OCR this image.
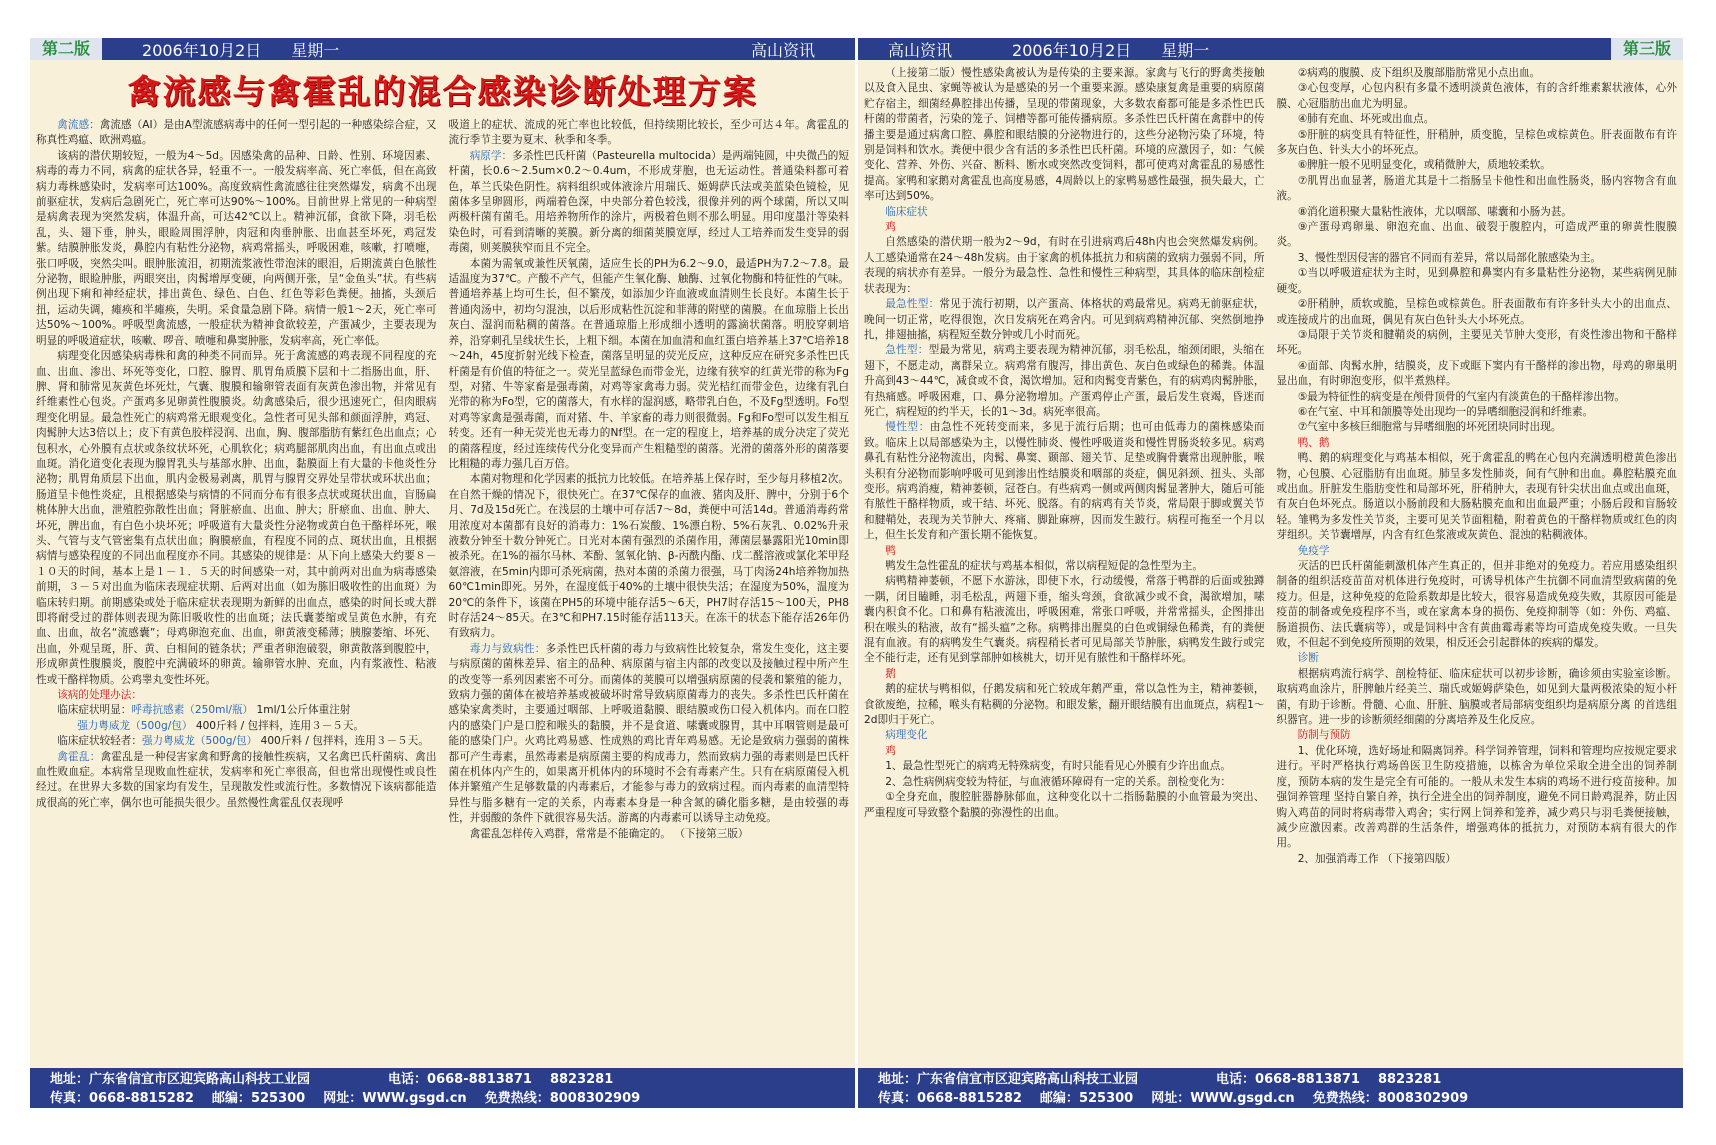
第二版	2006年10月2日 星期一	高山资讯
禽流感与禽霍乱的混合感染诊断处理方案

禽流感：禽流感（AI）是由A型流感病毒中的任何一型引起的一种感染综合症，又称真性鸡瘟、欧洲鸡瘟。

该病的潜伏期较短，一般为4～5d。因感染禽的品种、日龄、性别、环境因素、病毒的毒力不同，病禽的症状各异，轻重不一。一般发病率高、死亡率低，但在高致病力毒株感染时，发病率可达100%。高度致病性禽流感往往突然爆发，病禽不出现前驱症状，发病后急剧死亡，死亡率可达90%～100%。目前世界上常见的一种病型是病禽表现为突然发病，体温升高，可达42℃以上。精神沉郁，食欲下降，羽毛松乱，头、翅下垂，肿头，眼睑周围浮肿，肉冠和肉垂肿胀、出血甚至坏死，鸡冠发紫。结膜肿胀发炎，鼻腔内有粘性分泌物，病鸡常摇头，呼吸困难，咳嗽，打喷嚏，张口呼吸，突然尖叫。眼肿胀流泪，初期流浆液性带泡沫的眼泪，后期流黄白色脓性分泌物，眼睑肿胀，两眼突出，肉髯增厚变硬，向两侧开张，呈“金鱼头”状。有些病例出现下痢和神经症状，排出黄色、绿色、白色、红色等彩色粪便。抽搐，头颈后扭，运动失调，瘫痪和半瘫痪，失明。采食量急剧下降。病情一般1～2天，死亡率可达50%～100%。呼吸型禽流感，一般症状为精神食欲较差，产蛋减少，主要表现为明显的呼吸道症状，咳嗽、啰音、喷嚏和鼻窦肿胀，发病率高，死亡率低。

病理变化因感染病毒株和禽的种类不同而异。死于禽流感的鸡表现不同程度的充血、出血、渗出、坏死等变化，口腔、腺胃、肌胃角质膜下层和十二指肠出血，肝、脾、肾和肺常见灰黄色坏死灶，气囊、腹膜和输卵管表面有灰黄色渗出物，并常见有纤维素性心包炎。产蛋鸡多见卵黄性腹膜炎。幼禽感染后，很少迅速死亡，但肉眼病理变化明显。最急性死亡的病鸡常无眼观变化。急性者可见头部和颜面浮肿，鸡冠、肉髯肿大达3倍以上；皮下有黄色胶样浸润、出血，胸、腹部脂肪有紫红色出血点；心包积水，心外膜有点状或条纹状坏死，心肌软化；病鸡腿部肌肉出血，有出血点或出血斑。消化道变化表现为腺胃乳头与基部水肿、出血，黏膜面上有大量的卡他炎性分泌物；肌胃角质层下出血，肌内金极易剥离，肌胃与腺胃交界处呈带状或环状出血；肠道呈卡他性炎症，且根据感染与病情的不同而分布有很多点状或斑状出血，盲肠扁桃体肿大出血，泄殖腔弥散性出血；肾脏瘀血、出血、肿大；肝瘀血、出血、肿大、坏死，脾出血，有白色小块坏死；呼吸道有大量炎性分泌物或黄白色干酪样坏死，喉头、气管与支气管密集有点状出血；胸膜瘀血，有程度不同的点、斑状出血，且根据病情与感染程度的不同出血程度亦不同。其感染的规律是：从下向上感染大约要８－１０天的时间，基本上是１－１．５天的时间感染一对，其中前两对出血为病毒感染前期，３－５对出血为临床表现症状期、后两对出血（如为胨旧吸收性的出血斑）为临床转归期。前期感染或处于临床症状表现期为新鲜的出血点，感染的时间长或大群即将耐受过的群体则表现为陈旧吸收性的出血斑；法氏囊萎缩或呈黄色水肿，有充血、出血，故名“流感囊”；母鸡卵泡充血、出血，卵黄液变稀薄；胰腺萎缩、坏死、出血，外观呈斑，肝、黄、白相间的链条状；严重者卵泡破裂，卵黄散落到腹腔中，形成卵黄性腹膜炎，腹腔中充满破坏的卵黄。输卵管水肿、充血，内有浆液性、粘液性或干酪样物质。公鸡睾丸变性坏死。

该病的处理办法：

临床症状明显：呼毒抗感素（250ml/瓶） 1ml/1公斤体重注射

强力粤威龙（500g/包） 400斤料 / 包拌料，连用３－５天。

临床症状较轻者：强力粤威龙（500g/包） 400斤料 / 包拌料，连用３－５天。

禽霍乱：禽霍乱是一种侵害家禽和野禽的接触性疾病，又名禽巴氏杆菌病、禽出血性败血症。本病常呈现败血性症状，发病率和死亡率很高，但也常出现慢性或良性经过。在世界大多数的国家均有发生，呈现散发性或流行性。多数情况下该病都能造成很高的死亡率，偶尔也可能损失很少。虽然慢性禽霍乱仅表现呼

吸道上的症状、流成的死亡率也比较低，但持续期比较长，至少可达４年。禽霍乱的流行季节主要为夏末、秋季和冬季。

病原学：多杀性巴氏杆菌（Pasteurella multocida）是两端钝圆，中央微凸的短杆菌，长0.6～2.5um×0.2～0.4um，不形成芽胞，也无运动性。普通染料都可着色，革兰氏染色阴性。病料组织或体液涂片用瑞氏、姬姆萨氏法或美蓝染色镜检，见菌体多呈卵圆形，两端着色深，中央部分着色较浅，很像并列的两个球菌，所以又叫两极杆菌有菌毛。用培养物所作的涂片，两极着色则不那么明显。用印度墨汁等染料染色时，可看到清晰的荚膜。新分离的细菌荚膜宽厚，经过人工培养而发生变异的弱毒菌，则荚膜狭窄而且不完全。

本菌为需氧或兼性厌氧菌，适应生长的PH为6.2～9.0，最适PH为7.2～7.8。最适温度为37℃。产酸不产气，但能产生氧化酶、触酶、过氧化物酶和特征性的气味。普通培养基上均可生长，但不繁茂，如添加少许血液或血清则生长良好。本菌生长于普通肉汤中，初均匀混浊，以后形成粘性沉淀和菲薄的附壁的菌膜。在血琼脂上长出灰白、湿润而粘稠的菌落。在普通琼脂上形成细小透明的露滴状菌落。明胶穿刺培养，沿穿刺孔呈线状生长，上粗下细。本菌在加血清和血红蛋白培养基上37℃培养18～24h，45度折射光线下检查，菌落呈明显的荧光反应，这种反应在研究多杀性巴氏杆菌是有价值的特征之一。荧光呈蓝绿色而带金光，边缘有狭窄的红黄光带的称为Fg型，对猪、牛等家畜是强毒菌，对鸡等家禽毒力弱。荧光桔红而带金色，边缘有乳白光带的称为Fo型，它的菌落大，有水样的湿润感，略带乳白色，不及Fg型透明。Fo型对鸡等家禽是强毒菌，而对猪、牛、羊家畜的毒力则很微弱。Fg和Fo型可以发生相互转变。还有一种无荧光也无毒力的Nf型。在一定的程度上，培养基的成分决定了荧光的菌落程度，经过连续传代分化变异而产生粗糙型的菌落。光滑的菌落外形的菌落要比粗糙的毒力强几百万倍。

本菌对物理和化学因素的抵抗力比较低。在培养基上保存时，至少每月移植2次。在自然干燥的情况下，很快死亡。在37℃保存的血液、猪肉及肝、脾中，分别于6个月、7d及15d死亡。在浅层的土壤中可存活7～8d，粪便中可活14d。普通消毒药常用浓度对本菌都有良好的消毒力：1%石炭酸、1%漂白粉、5%石灰乳、0.02%升汞液数分钟至十数分钟死亡。日光对本菌有强烈的杀菌作用，薄菌层暴露阳光10min即被杀死。在1%的福尔马林、苯酚、氢氧化钠、β-丙酰内酯、戊二醛溶液或氯化苯甲羟氨溶液，在5min内即可杀死病菌，热对本菌的杀菌力很强，马丁肉汤24h培养物加热60℃1min即死。另外，在湿度低于40%的土壤中很快失活；在湿度为50%，温度为20℃的条件下，该菌在PH5的环境中能存活5～6天，PH7时存活15～100天，PH8时存活24～85天。在3℃和PH7.15时能存活113天。在冻干的状态下能存活26年仍有致病力。

毒力与致病性：多杀性巴氏杆菌的毒力与致病性比较复杂，常发生变化，这主要与病原菌的菌株差异、宿主的品种、病原菌与宿主内部的改变以及接触过程中所产生的改变等一系列因素密不可分。而菌体的荚膜可以增强病原菌的侵袭和繁殖的能力，致病力强的菌体在被培养基或被破坏时常导致病原菌毒力的丧失。多杀性巴氏杆菌在感染家禽类时，主要通过咽部、上呼吸道黏膜、眼结膜或伤口侵入机体内。而在口腔内的感染门户是口腔和喉头的黏膜，并不是食道、嗉囊或腺胃，其中耳咽管则是最可能的感染门户。火鸡比鸡易感、性成熟的鸡比青年鸡易感。无论是致病力强弱的菌株都可产生毒素，虽然毒素是病原菌主要的构成毒力，然而致病力强的毒素则是巴氏杆菌在机体内产生的，如果离开机体内的环境时不会有毒素产生。只有在病原菌侵入机体并繁殖产生足够数量的内毒素后，才能参与毒力的致病过程。而内毒素的血清型特异性与脂多糖有一定的关系，内毒素本身是一种含氮的磷化脂多糖，是由较强的毒性，并弱酸的条件下就很容易失活。游离的内毒素可以诱导主动免疫。

禽霍乱怎样传入鸡群，常常是不能确定的。 （下接第三版）

地址：广东省信宜市区迎宾路高山科技工业园	电话：0668-8813871 8823281
传真：0668-8815282 邮编：525300 网址：WWW.gsgd.cn 免费热线：8008302909
高山资讯	2006年10月2日 星期一	第三版

（上接第二版）慢性感染禽被认为是传染的主要来源。家禽与飞行的野禽类接触以及食入昆虫、家蝇等被认为是感染的另一个重要来源。感染康复禽是重要的病原菌贮存宿主，细菌经鼻腔排出传播，呈现的带菌现象，大多数农畜都可能是多杀性巴氏杆菌的带菌者，污染的笼子、饲槽等都可能传播病原。多杀性巴氏杆菌在禽群中的传播主要是通过病禽口腔、鼻腔和眼结膜的分泌物进行的，这些分泌物污染了环境，特别是饲料和饮水。粪便中很少含有活的多杀性巴氏杆菌。环境的应激因子，如：气候变化、营养、外伤、兴奋、断料、断水或突然改变饲料，都可使鸡对禽霍乱的易感性提高。家鸭和家鹅对禽霍乱也高度易感，4周龄以上的家鸭易感性最强，损失最大，亡率可达到50%。

临床症状

鸡

自然感染的潜伏期一般为2～9d，有时在引进病鸡后48h内也会突然爆发病例。人工感染通常在24～48h发病。由于家禽的机体抵抗力和病菌的致病力强弱不同，所表现的病状亦有差异。一般分为最急性、急性和慢性三种病型，其具体的临床剖检症状表现为：

最急性型：常见于流行初期，以产蛋高、体格状的鸡最常见。病鸡无前驱症状，晚间一切正常，吃得很饱，次日发病死在鸡舍内。可见到病鸡精神沉郁、突然倒地挣扎，排翅抽搐，病程短至数分钟或几小时而死。

急性型：型最为常见，病鸡主要表现为精神沉郁，羽毛松乱，缩颈闭眼，头缩在翅下，不愿走动，离群呆立。病鸡常有腹泻，排出黄色、灰白色或绿色的稀粪。体温升高到43～44℃，减食或不食，渴饮增加。冠和肉髯变青紫色，有的病鸡肉髯肿胀，有热痛感。呼吸困难，口、鼻分泌物增加。产蛋鸡停止产蛋，最后发生衰竭，昏迷而死亡，病程短的约半天，长的1～3d。病死率很高。

慢性型：由急性不死转变而来，多见于流行后期；也可由低毒力的菌株感染而致。临床上以局部感染为主，以慢性肺炎、慢性呼吸道炎和慢性胃肠炎较多见。病鸡鼻孔有粘性分泌物流出，肉髯、鼻窦、颞部、翅关节、足垫或胸骨囊常出现肿胀，喉头积有分泌物而影响呼吸可见到渗出性结膜炎和咽部的炎症，偶见斜颈、扭头、头部变形。病鸡消瘦，精神萎顿，冠苍白。有些病鸡一侧或两侧肉髯显著肿大，随后可能有脓性干酪样物质，或干结、坏死、脱落。有的病鸡有关节炎，常局限于脚或翼关节和腱鞘处，表现为关节肿大、疼痛、脚趾麻痹，因而发生跛行。病程可拖至一个月以上，但生长发育和产蛋长期不能恢复。

鸭

鸭发生急性霍乱的症状与鸡基本相似，常以病程短促的急性型为主。

病鸭精神萎顿，不愿下水游泳，即使下水，行动缓慢，常落于鸭群的后面或独蹲一隅，闭目瞌睡，羽毛松乱，两翅下垂，缩头弯颈，食欲减少或不食，渴欲增加，嗉囊内积食不化。口和鼻有粘液流出，呼吸困难，常张口呼吸，并常常摇头，企图排出积在喉头的粘液，故有“摇头瘟”之称。病鸭排出腥臭的白色或铜绿色稀粪，有的粪便混有血液。有的病鸭发生气囊炎。病程稍长者可见局部关节肿胀，病鸭发生跛行或完全不能行走，还有见到掌部肿如核桃大，切开见有脓性和干酪样坏死。

鹅

鹅的症状与鸭相似，仔鹅发病和死亡较成年鹅严重，常以急性为主，精神萎顿，食欲废绝，拉稀，喉头有粘稠的分泌物。和眼发紫，翻开眼结膜有出血斑点，病程1～2d即归于死亡。

病理变化

鸡

1、最急性型死亡的病鸡无特殊病变，有时只能看见心外膜有少许出血点。

2、急性病例病变较为特征，与血液循环障碍有一定的关系。剖检变化为：

①全身充血，腹腔脏器静脉郁血，这种变化以十二指肠黏膜的小血管最为突出、严重程度可导致整个黏膜的弥漫性的出血。

②病鸡的腹膜、皮下组织及腹部脂肪常见小点出血。

③心包变厚，心包内积有多量不透明淡黄色液体，有的含纤维素絮状液体，心外膜、心冠脂肪出血尤为明显。

④肺有充血、坏死或出血点。

⑤肝脏的病变具有特征性，肝稍肿，质变脆，呈棕色或棕黄色。肝表面散布有许多灰白色、针头大小的坏死点。

⑥脾脏一般不见明显变化，或稍微肿大，质地较柔软。

⑦肌胃出血显著，肠道尤其是十二指肠呈卡他性和出血性肠炎，肠内容物含有血液。

⑧消化道积聚大量粘性液体，尤以咽部、嗉囊和小肠为甚。

⑨产蛋母鸡卵巢、卵泡充血、出血、破裂于腹腔内，可造成严重的卵黄性腹膜炎。

3、慢性型因侵害的器官不同而有差异，常以局部化脓感染为主。

①当以呼吸道症状为主时，见到鼻腔和鼻窦内有多量粘性分泌物，某些病例见肺硬变。

②肝稍肿，质软或脆，呈棕色或棕黄色。肝表面散布有许多针头大小的出血点、或连接成片的出血斑，偶见有灰白色针头大小坏死点。

③局限于关节炎和腱鞘炎的病例，主要见关节肿大变形，有炎性渗出物和干酪样坏死。

④面部、肉髯水肿，结膜炎，皮下或眶下窦内有干酪样的渗出物，母鸡的卵巢明显出血，有时卵泡变形，似半煮熟样。

⑤最为特征性的病变是在颅骨顶骨的气室内有淡黄色的干酪样渗出物。

⑥在气室、中耳和颌膜等处出现均一的异嗜细胞浸润和纤维素。

⑦气室中多核巨细胞常与异嗜细胞的坏死团块同时出现。

鸭、鹅

鸭、鹅的病理变化与鸡基本相似，死于禽霍乱的鸭在心包内充满透明橙黄色渗出物，心包膜、心冠脂肪有出血斑。肺呈多发性肺炎，间有气肿和出血。鼻腔粘膜充血或出血。肝脏发生脂肪变性和局部坏死，肝稍肿大，表现有针尖状出血点或出血斑，有灰白色坏死点。肠道以小肠前段和大肠粘膜充血和出血最严重；小肠后段和盲肠较轻。雏鸭为多发性关节炎，主要可见关节面粗糙，附着黄色的干酪样物质或红色的肉芽组织。关节囊增厚，内含有红色浆液或灰黄色、混浊的粘稠液体。

免疫学

灭活的巴氏杆菌能刺激机体产生真正的，但并非绝对的免疫力。若应用感染组织制备的组织活疫苗苗对机体进行免疫时，可诱导机体产生抗御不同血清型致病菌的免疫力。但是，这种免疫的危险系数却是比较大，很容易造成免疫失败，其原因可能是疫苗的制备或免疫程序不当，或在家禽本身的损伤、免疫抑制等（如：外伤、鸡瘟、肠道损伤、法氏囊病等），或是饲料中含有黄曲霉毒素等均可造成免疫失败。一旦失败，不但起不到免疫所预期的效果，相反还会引起群体的疾病的爆发。

诊断

根据病鸡流行病学、剖检特征、临床症状可以初步诊断，确诊须由实验室诊断。取病鸡血涂片，肝脾触片经美兰、瑞氏或姬姆萨染色，如见到大量两极浓染的短小杆菌，有助于诊断。骨髓、心血、肝脏、脑膜或者局部病变组织均是病原分离 的首选组织器官。进一步的诊断须经细菌的分离培养及生化反应。

防制与预防

1、优化环境，选好场址和隔离饲养。科学饲养管理，饲料和管理均应按规定要求进行。平时严格执行鸡场兽医卫生防疫措施，以栋舍为单位采取全进全出的饲养制度，预防本病的发生是完全有可能的。一般从未发生本病的鸡场不进行疫苗接种。加强饲养管理 坚持自繁自养，执行全进全出的饲养制度，避免不同日龄鸡混养，防止因购入鸡苗的同时将病毒带入鸡舍；实行网上饲养和笼养，减少鸡只与羽毛粪便接触，减少应激因素。改善鸡群的生活条件，增强鸡体的抵抗力，对预防本病有很大的作用。

2、加强消毒工作 （下接第四版）

地址：广东省信宜市区迎宾路高山科技工业园	电话：0668-8813871 8823281
传真：0668-8815282 邮编：525300 网址：WWW.gsgd.cn 免费热线：8008302909
